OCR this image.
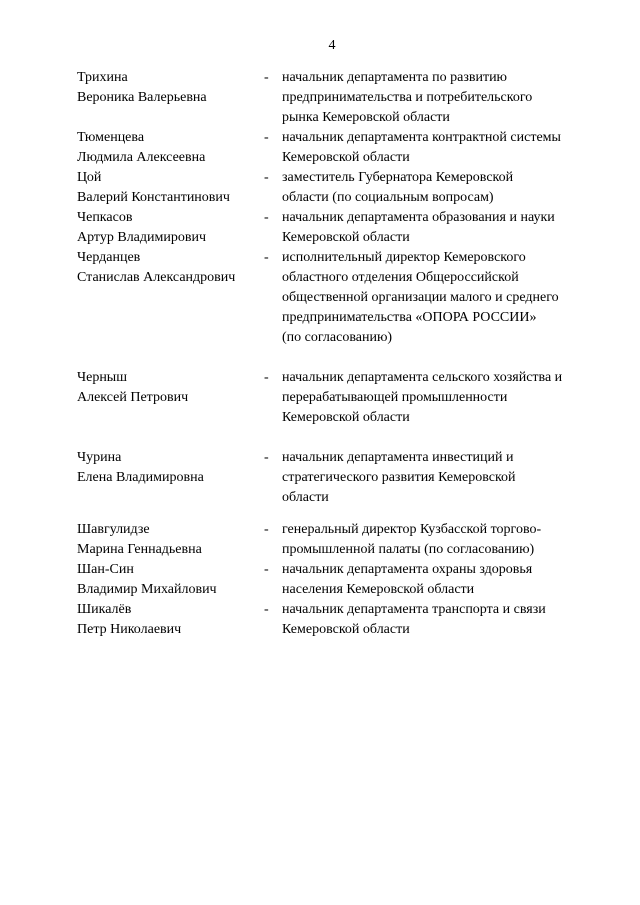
4
Трихина
Вероника Валерьевна
- начальник департамента по развитию
предпринимательства и потребительского
рынка Кемеровской области
Тюменцева
Людмила Алексеевна
- начальник департамента контрактной системы
Кемеровской области
Цой
Валерий Константинович
- заместитель Губернатора Кемеровской
области (по социальным вопросам)
Чепкасов
Артур Владимирович
- начальник департамента образования и науки
Кемеровской области
Черданцев
Станислав Александрович
- исполнительный директор Кемеровского
областного отделения Общероссийской
общественной организации малого и среднего
предпринимательства «ОПОРА РОССИИ»
(по согласованию)
Черныш
Алексей Петрович
- начальник департамента сельского хозяйства и
перерабатывающей промышленности
Кемеровской области
Чурина
Елена Владимировна
- начальник департамента инвестиций и
стратегического развития Кемеровской
области
Шавгулидзе
Марина Геннадьевна
- генеральный директор Кузбасской торгово-
промышленной палаты (по согласованию)
Шан-Син
Владимир Михайлович
- начальник департамента охраны здоровья
населения Кемеровской области
Шикалёв
Петр Николаевич
- начальник департамента транспорта и связи
Кемеровской области
